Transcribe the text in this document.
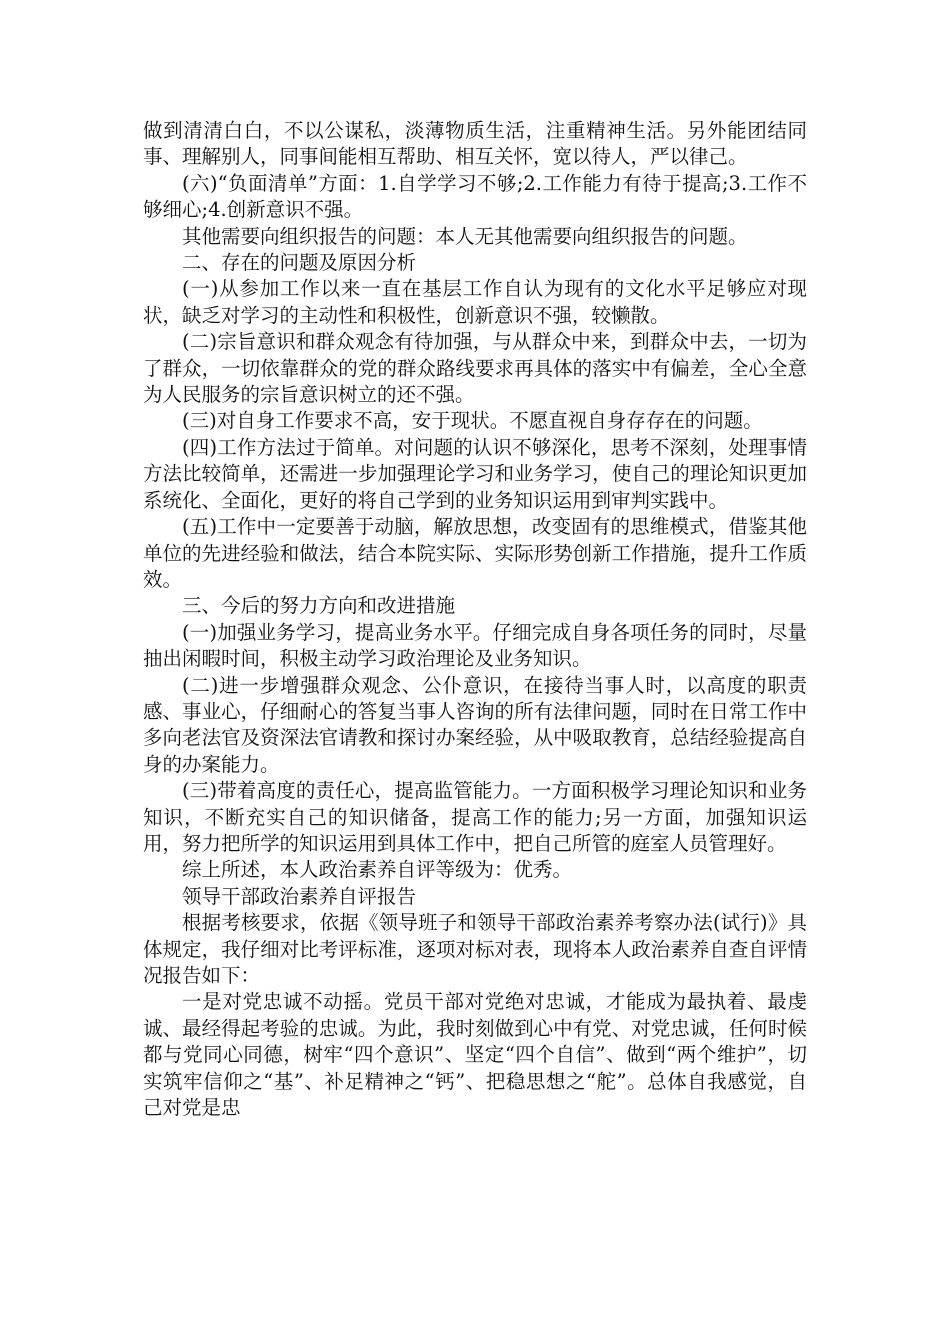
做到清清白白，不以公谋私，淡薄物质生活，注重精神生活。另外能团结同事、理解别人，同事间能相互帮助、相互关怀，宽以待人，严以律己。

(六)“负面清单”方面：1.自学学习不够;2.工作能力有待于提高;3.工作不够细心;4.创新意识不强。

其他需要向组织报告的问题：本人无其他需要向组织报告的问题。

二、存在的问题及原因分析

(一)从参加工作以来一直在基层工作自认为现有的文化水平足够应对现状，缺乏对学习的主动性和积极性，创新意识不强，较懒散。

(二)宗旨意识和群众观念有待加强，与从群众中来，到群众中去，一切为了群众，一切依靠群众的党的群众路线要求再具体的落实中有偏差，全心全意为人民服务的宗旨意识树立的还不强。

(三)对自身工作要求不高，安于现状。不愿直视自身存存在的问题。

(四)工作方法过于简单。对问题的认识不够深化，思考不深刻，处理事情方法比较简单，还需进一步加强理论学习和业务学习，使自己的理论知识更加系统化、全面化，更好的将自己学到的业务知识运用到审判实践中。

(五)工作中一定要善于动脑，解放思想，改变固有的思维模式，借鉴其他单位的先进经验和做法，结合本院实际、实际形势创新工作措施，提升工作质效。

三、今后的努力方向和改进措施

(一)加强业务学习，提高业务水平。仔细完成自身各项任务的同时，尽量抽出闲暇时间，积极主动学习政治理论及业务知识。

(二)进一步增强群众观念、公仆意识，在接待当事人时，以高度的职责感、事业心，仔细耐心的答复当事人咨询的所有法律问题，同时在日常工作中多向老法官及资深法官请教和探讨办案经验，从中吸取教育，总结经验提高自身的办案能力。

(三)带着高度的责任心，提高监管能力。一方面积极学习理论知识和业务知识，不断充实自己的知识储备，提高工作的能力;另一方面，加强知识运用，努力把所学的知识运用到具体工作中，把自己所管的庭室人员管理好。

综上所述，本人政治素养自评等级为：优秀。

领导干部政治素养自评报告

根据考核要求，依据《领导班子和领导干部政治素养考察办法(试行)》具体规定，我仔细对比考评标准，逐项对标对表，现将本人政治素养自查自评情况报告如下：

一是对党忠诚不动摇。党员干部对党绝对忠诚，才能成为最执着、最虔诚、最经得起考验的忠诚。为此，我时刻做到心中有党、对党忠诚，任何时候都与党同心同德，树牢“四个意识”、坚定“四个自信”、做到“两个维护”，切实筑牢信仰之“基”、补足精神之“钙”、把稳思想之“舵”。总体自我感觉，自己对党是忠
